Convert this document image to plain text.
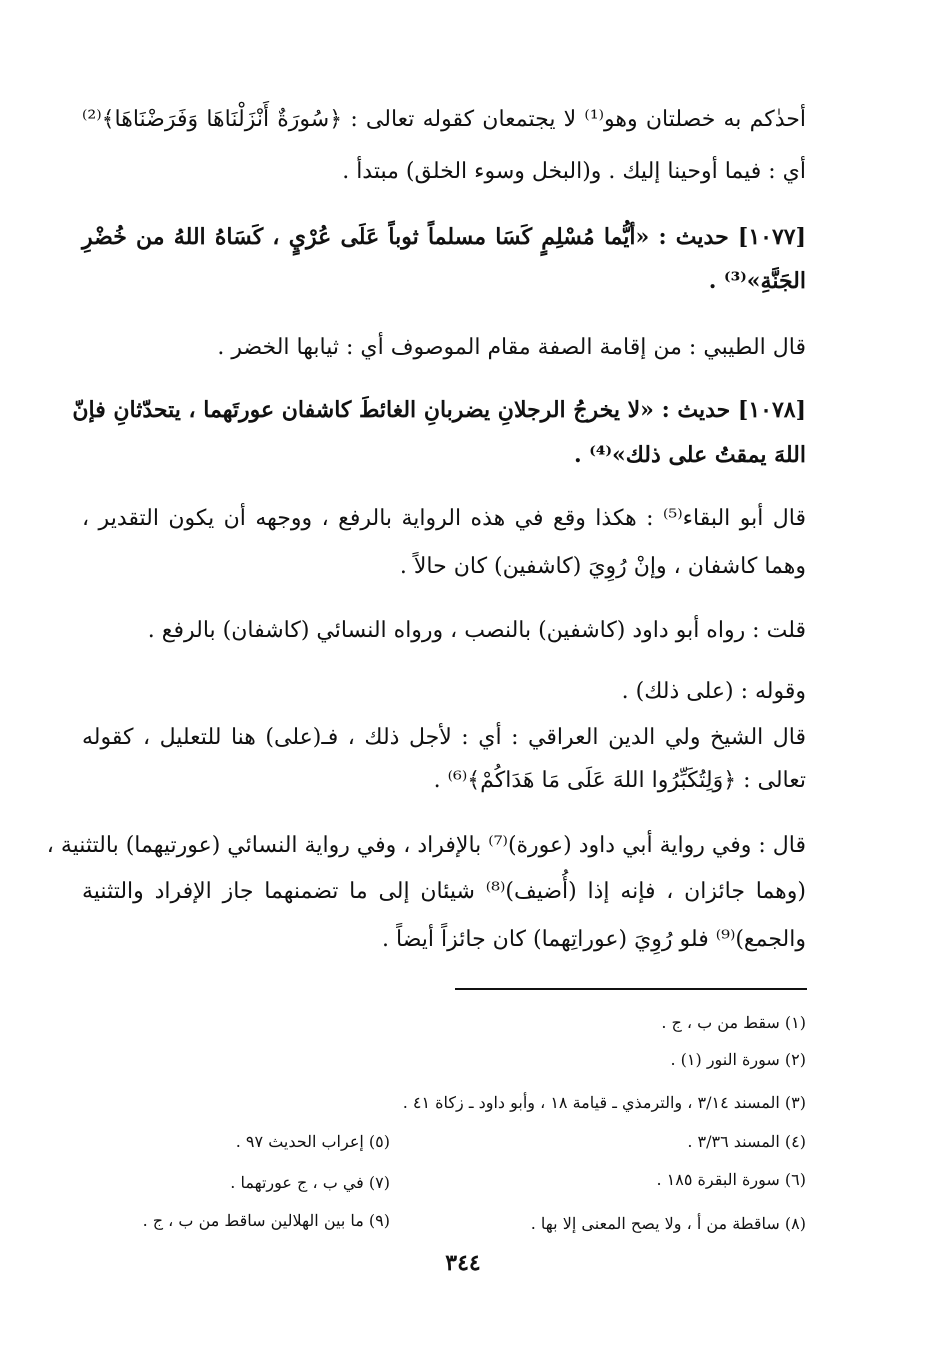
أحدٰكم به خصلتان وهو⁽¹⁾ لا يجتمعان كقوله تعالى : ﴿سُورَةٌ أَنْزَلْنَاهَا وَفَرَضْنَاهَا﴾⁽²⁾
أي : فيما أوحينا إليك . و(البخل وسوء الخلق) مبتدأ .
[١٠٧٧] حديث : «أيُّما مُسْلِمٍ كَسَا مسلماً ثوباً عَلَى عُرْيٍ ، كَسَاهُ اللهُ من خُضْرِ
الجَنَّةِ»⁽³⁾ .
قال الطيبي : من إقامة الصفة مقام الموصوف أي : ثيابها الخضر .
[١٠٧٨] حديث : «لا يخرجُ الرجلانِ يضربانِ الغائطَ كاشفان عورتَهما ، يتحدّثانِ فإنّ
اللهَ يمقتُ على ذلك»⁽⁴⁾ .
قال أبو البقاء⁽⁵⁾ : هكذا وقع في هذه الرواية بالرفع ، ووجهه أن يكون التقدير ،
وهما كاشفان ، وإنْ رُوِيَ (كاشفين) كان حالاً .
قلت : رواه أبو داود (كاشفين) بالنصب ، ورواه النسائي (كاشفان) بالرفع .
وقوله : (على ذلك) .
قال الشيخ ولي الدين العراقي : أي : لأجل ذلك ، فـ(على) هنا للتعليل ، كقوله
تعالى : ﴿وَلِتُكَبِّرُوا اللهَ عَلَى مَا هَدَاكُمْ﴾⁽⁶⁾ .
قال : وفي رواية أبي داود (عورة)⁽⁷⁾ بالإفراد ، وفي رواية النسائي (عورتيهما) بالتثنية ،
(وهما جائزان ، فإنه إذا (أُضيف)⁽⁸⁾ شيئان إلى ما تضمنهما جاز الإفراد والتثنية
والجمع)⁽⁹⁾ فلو رُوِيَ (عوراتِهما) كان جائزاً أيضاً .
(١) سقط من ب ، ج .
(٢) سورة النور (١) .
(٣) المسند ٣/١٤ ، والترمذي ـ قيامة ١٨ ، وأبو داود ـ زكاة ٤١ .
(٤) المسند ٣/٣٦ .
(٥) إعراب الحديث ٩٧ .
(٦) سورة البقرة ١٨٥ .
(٧) في ب ، ج عورتهما .
(٨) ساقطة من أ ، ولا يصح المعنى إلا بها .
(٩) ما بين الهلالين ساقط من ب ، ج .
٣٤٤
